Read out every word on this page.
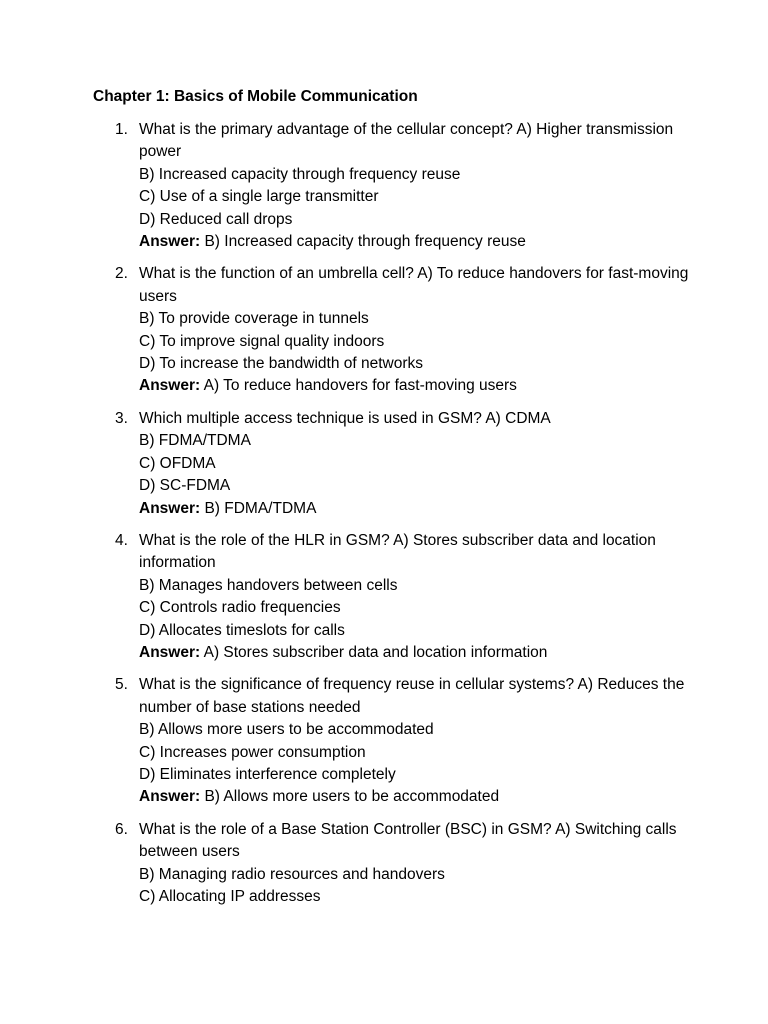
Chapter 1: Basics of Mobile Communication
1. What is the primary advantage of the cellular concept? A) Higher transmission power
B) Increased capacity through frequency reuse
C) Use of a single large transmitter
D) Reduced call drops
Answer: B) Increased capacity through frequency reuse
2. What is the function of an umbrella cell? A) To reduce handovers for fast-moving users
B) To provide coverage in tunnels
C) To improve signal quality indoors
D) To increase the bandwidth of networks
Answer: A) To reduce handovers for fast-moving users
3. Which multiple access technique is used in GSM? A) CDMA
B) FDMA/TDMA
C) OFDMA
D) SC-FDMA
Answer: B) FDMA/TDMA
4. What is the role of the HLR in GSM? A) Stores subscriber data and location information
B) Manages handovers between cells
C) Controls radio frequencies
D) Allocates timeslots for calls
Answer: A) Stores subscriber data and location information
5. What is the significance of frequency reuse in cellular systems? A) Reduces the number of base stations needed
B) Allows more users to be accommodated
C) Increases power consumption
D) Eliminates interference completely
Answer: B) Allows more users to be accommodated
6. What is the role of a Base Station Controller (BSC) in GSM? A) Switching calls between users
B) Managing radio resources and handovers
C) Allocating IP addresses
